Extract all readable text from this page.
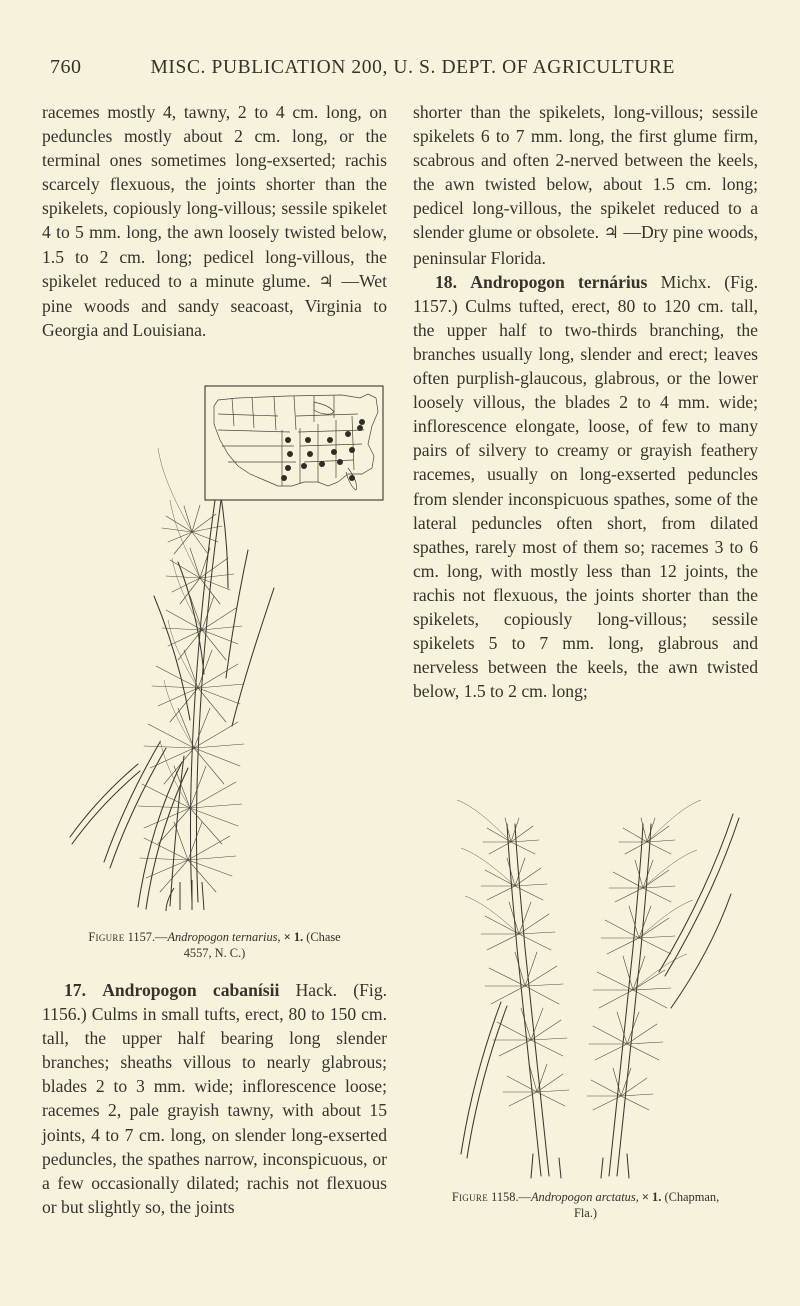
760	MISC. PUBLICATION 200, U. S. DEPT. OF AGRICULTURE

racemes mostly 4, tawny, 2 to 4 cm. long, on peduncles mostly about 2 cm. long, or the terminal ones sometimes long-exserted; rachis scarcely flexuous, the joints shorter than the spikelets, copiously long-villous; sessile spikelet 4 to 5 mm. long, the awn loosely twisted below, 1.5 to 2 cm. long; pedicel long-villous, the spikelet reduced to a minute glume. ♃ —Wet pine woods and sandy seacoast, Virginia to Georgia and Louisiana.

Figure 1157.—Andropogon ternarius, × 1. (Chase
4557, N. C.)

17. Andropogon cabanísii Hack. (Fig. 1156.) Culms in small tufts, erect, 80 to 150 cm. tall, the upper half bearing long slender branches; sheaths villous to nearly glabrous; blades 2 to 3 mm. wide; inflorescence loose; racemes 2, pale grayish tawny, with about 15 joints, 4 to 7 cm. long, on slender long-exserted peduncles, the spathes narrow, inconspicuous, or a few occasionally dilated; rachis not flexuous or but slightly so, the joints

shorter than the spikelets, long-villous; sessile spikelets 6 to 7 mm. long, the first glume firm, scabrous and often 2-nerved between the keels, the awn twisted below, about 1.5 cm. long; pedicel long-villous, the spikelet reduced to a slender glume or obsolete. ♃ —Dry pine woods, peninsular Florida.

18. Andropogon ternárius Michx. (Fig. 1157.) Culms tufted, erect, 80 to 120 cm. tall, the upper half to two-thirds branching, the branches usually long, slender and erect; leaves often purplish-glaucous, glabrous, or the lower loosely villous, the blades 2 to 4 mm. wide; inflorescence elongate, loose, of few to many pairs of silvery to creamy or grayish feathery racemes, usually on long-exserted peduncles from slender inconspicuous spathes, some of the lateral peduncles often short, from dilated spathes, rarely most of them so; racemes 3 to 6 cm. long, with mostly less than 12 joints, the rachis not flexuous, the joints shorter than the spikelets, copiously long-villous; sessile spikelets 5 to 7 mm. long, glabrous and nerveless between the keels, the awn twisted below, 1.5 to 2 cm. long;

Figure 1158.—Andropogon arctatus, × 1. (Chapman,
Fla.)
